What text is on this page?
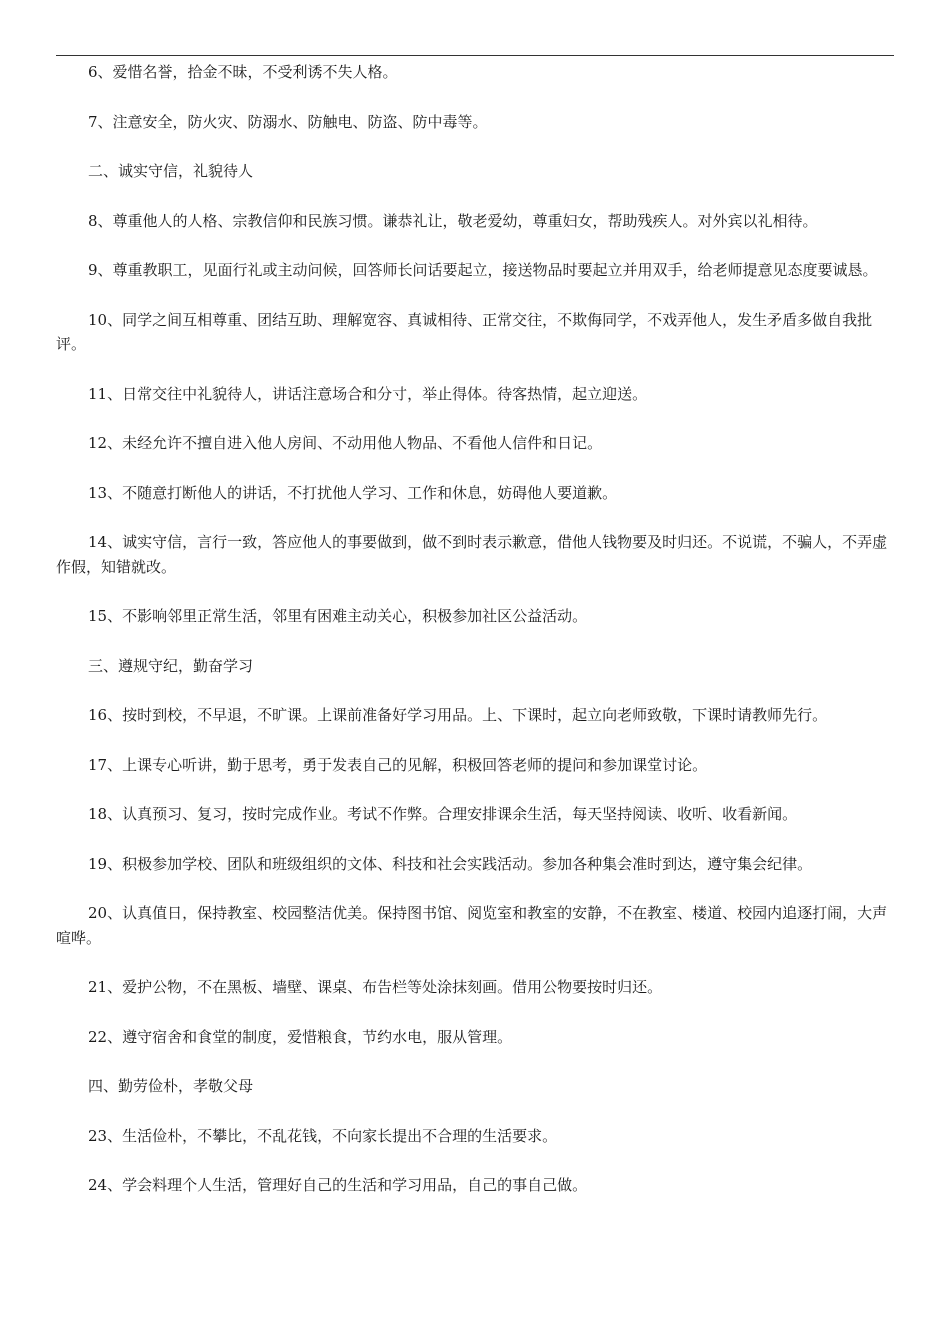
6、爱惜名誉，拾金不昧，不受利诱不失人格。

7、注意安全，防火灾、防溺水、防触电、防盗、防中毒等。

二、诚实守信，礼貌待人

8、尊重他人的人格、宗教信仰和民族习惯。谦恭礼让，敬老爱幼，尊重妇女，帮助残疾人。对外宾以礼相待。

9、尊重教职工，见面行礼或主动问候，回答师长问话要起立，接送物品时要起立并用双手，给老师提意见态度要诚恳。

10、同学之间互相尊重、团结互助、理解宽容、真诚相待、正常交往，不欺侮同学，不戏弄他人，发生矛盾多做自我批评。

11、日常交往中礼貌待人，讲话注意场合和分寸，举止得体。待客热情，起立迎送。

12、未经允许不擅自进入他人房间、不动用他人物品、不看他人信件和日记。

13、不随意打断他人的讲话，不打扰他人学习、工作和休息，妨碍他人要道歉。

14、诚实守信，言行一致，答应他人的事要做到，做不到时表示歉意，借他人钱物要及时归还。不说谎，不骗人，不弄虚作假，知错就改。

15、不影响邻里正常生活，邻里有困难主动关心，积极参加社区公益活动。

三、遵规守纪，勤奋学习

16、按时到校，不早退，不旷课。上课前准备好学习用品。上、下课时，起立向老师致敬，下课时请教师先行。

17、上课专心听讲，勤于思考，勇于发表自己的见解，积极回答老师的提问和参加课堂讨论。

18、认真预习、复习，按时完成作业。考试不作弊。合理安排课余生活，每天坚持阅读、收听、收看新闻。

19、积极参加学校、团队和班级组织的文体、科技和社会实践活动。参加各种集会准时到达，遵守集会纪律。

20、认真值日，保持教室、校园整洁优美。保持图书馆、阅览室和教室的安静，不在教室、楼道、校园内追逐打闹，大声喧哗。

21、爱护公物，不在黑板、墙壁、课桌、布告栏等处涂抹刻画。借用公物要按时归还。

22、遵守宿舍和食堂的制度，爱惜粮食，节约水电，服从管理。

四、勤劳俭朴，孝敬父母

23、生活俭朴，不攀比，不乱花钱，不向家长提出不合理的生活要求。

24、学会料理个人生活，管理好自己的生活和学习用品，自己的事自己做。
